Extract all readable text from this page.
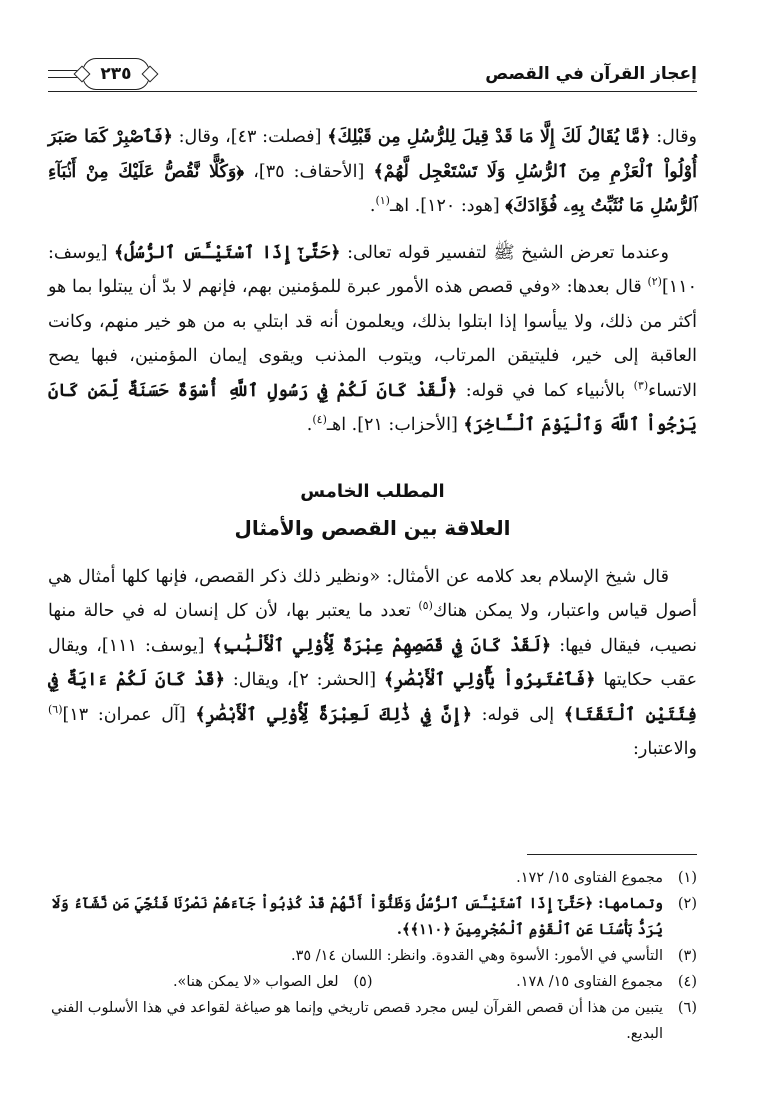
إعجاز القرآن في القصص
٢٣٥

وقال: ﴿مَّا يُقَالُ لَكَ إِلَّا مَا قَدْ قِيلَ لِلرُّسُلِ مِن قَبْلِكَ﴾ [فصلت: ٤٣]، وقال: ﴿فَٱصْبِرْ كَمَا صَبَرَ أُوْلُواْ ٱلْعَزْمِ مِنَ ٱلرُّسُلِ وَلَا تَسْتَعْجِل لَّهُمْ﴾ [الأحقاف: ٣٥]، ﴿وَكُلًّا نَّقُصُّ عَلَيْكَ مِنْ أَنۢبَآءِ ٱلرُّسُلِ مَا نُثَبِّتُ بِهِۦ فُؤَادَكَ﴾ [هود: ١٢٠]. اهـ$^{(١)}$.

وعندما تعرض الشيخ ﷺ لتفسير قوله تعالى: ﴿حَتَّىٰٓ إِذَا ٱسْتَيْـَٔسَ ٱلرُّسُلُ﴾ [يوسف: ١١٠]$^{(٢)}$ قال بعدها: «وفي قصص هذه الأمور عبرة للمؤمنين بهم، فإنهم لا بدّ أن يبتلوا بما هو أكثر من ذلك، ولا ييأسوا إذا ابتلوا بذلك، ويعلمون أنه قد ابتلي به من هو خير منهم، وكانت العاقبة إلى خير، فليتيقن المرتاب، ويتوب المذنب ويقوى إيمان المؤمنين، فبها يصح الاتساء$^{(٣)}$ بالأنبياء كما في قوله: ﴿لَّقَدْ كَانَ لَكُمْ فِي رَسُولِ ٱللَّهِ أُسْوَةٌ حَسَنَةٌ لِّمَن كَانَ يَرْجُواْ ٱللَّهَ وَٱلْيَوْمَ ٱلْـَٔاخِرَ﴾ [الأحزاب: ٢١]. اهـ$^{(٤)}$.

المطلب الخامس
العلاقة بين القصص والأمثال

قال شيخ الإسلام بعد كلامه عن الأمثال: «ونظير ذلك ذكر القصص، فإنها كلها أمثال هي أصول قياس واعتبار، ولا يمكن هناك$^{(٥)}$ تعدد ما يعتبر بها، لأن كل إنسان له في حالة منها نصيب، فيقال فيها: ﴿لَقَدْ كَانَ فِي قَصَصِهِمْ عِبْرَةٌ لِّأُوْلِي ٱلْأَلْبَٰبِ﴾ [يوسف: ١١١]، ويقال عقب حكايتها ﴿فَٱعْتَبِرُواْ يَٰٓأُوْلِي ٱلْأَبْصَٰرِ﴾ [الحشر: ٢]، ويقال: ﴿قَدْ كَانَ لَكُمْ ءَايَةٌ فِي فِئَتَيْنِ ٱلْتَقَتَا﴾ إلى قوله: ﴿إِنَّ فِي ذَٰلِكَ لَعِبْرَةً لِّأُوْلِي ٱلْأَبْصَٰرِ﴾ [آل عمران: ١٣]$^{(٦)}$ والاعتبار:

(١)
مجموع الفتاوى ١٥/ ١٧٢.
(٢)
وتمامها: ﴿حَتَّىٰٓ إِذَا ٱسْتَيْـَٔسَ ٱلرُّسُلُ وَظَنُّوٓاْ أَنَّهُمْ قَدْ كُذِبُواْ جَآءَهُمْ نَصْرُنَا فَنُجِّيَ مَن نَّشَآءُ وَلَا يُرَدُّ بَأْسُنَا عَنِ ٱلْقَوْمِ ٱلْمُجْرِمِينَ ﴿١١٠﴾﴾.
(٣)
التأسي في الأمور: الأسوة وهي القدوة. وانظر: اللسان ١٤/ ٣٥.
(٤)
مجموع الفتاوى ١٥/ ١٧٨.
(٥)
لعل الصواب «لا يمكن هنا».
(٦)
يتبين من هذا أن قصص القرآن ليس مجرد قصص تاريخي وإنما هو صياغة لقواعد في هذا الأسلوب الفني البديع.
